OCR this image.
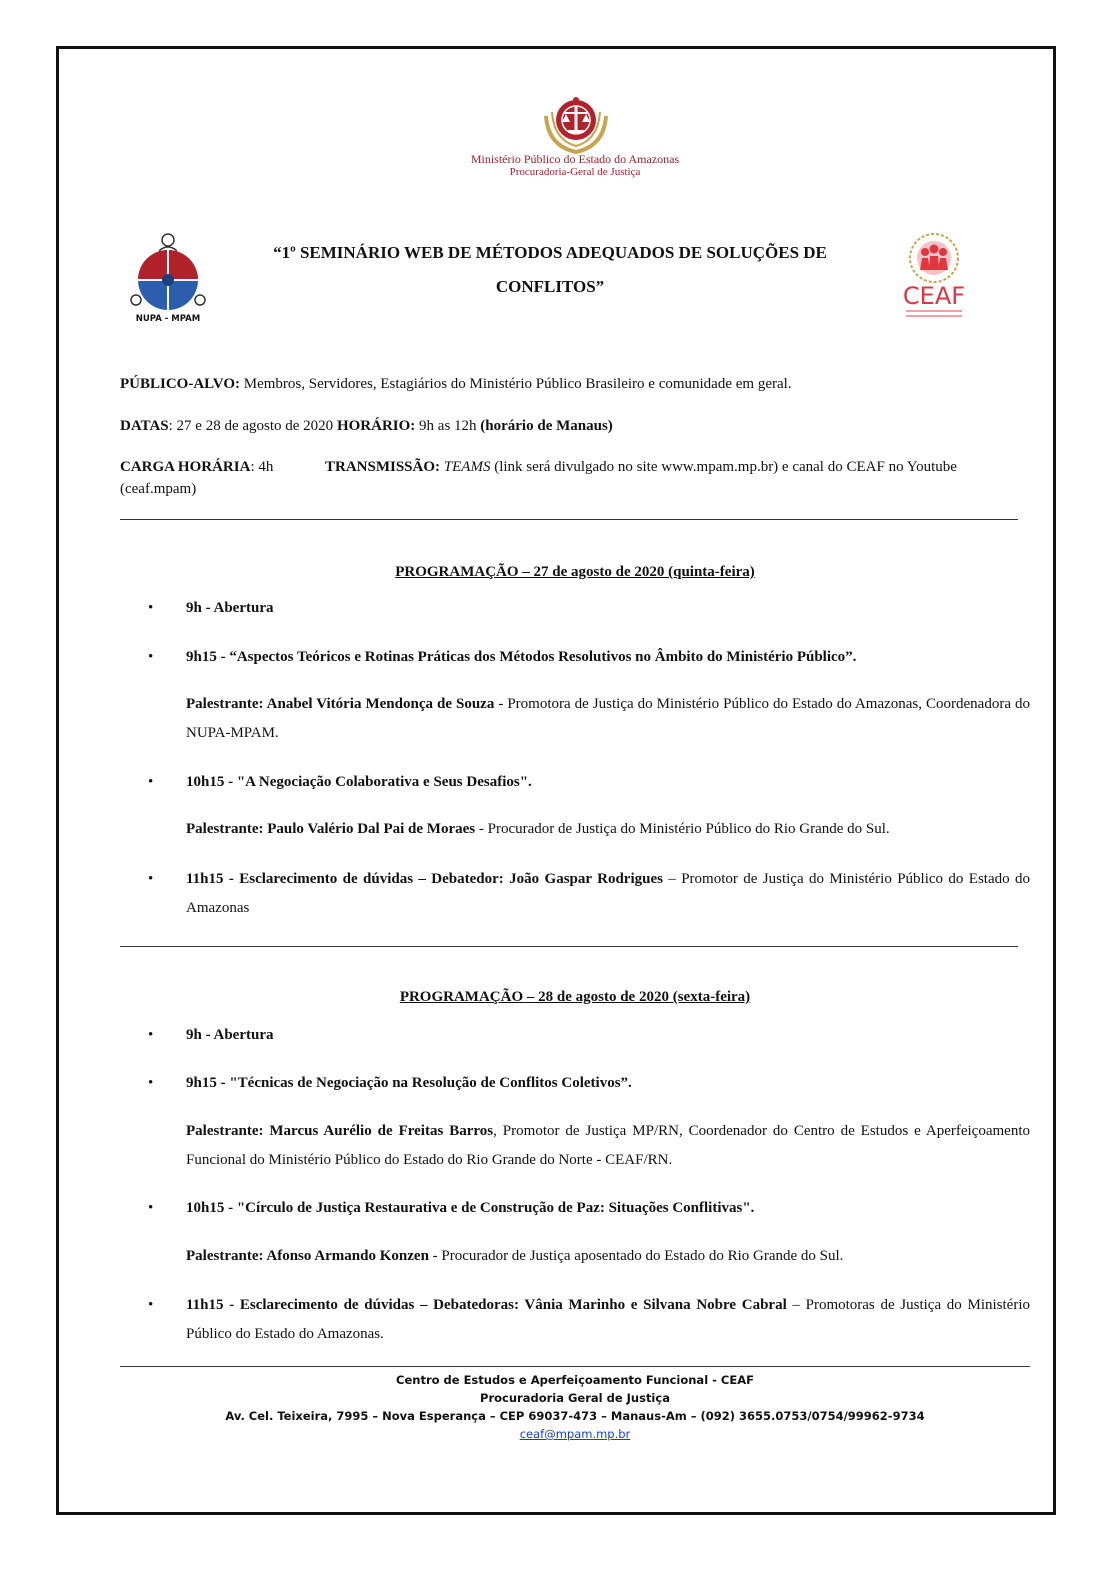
Ministério Público do Estado do Amazonas
Procuradoria-Geral de Justiça
NUPA - MPAM
“1º SEMINÁRIO WEB DE MÉTODOS ADEQUADOS DE SOLUÇÕES DE
CONFLITOS”	CEAF
PÚBLICO-ALVO: Membros, Servidores, Estagiários do Ministério Público Brasileiro e comunidade em geral.
DATAS: 27 e 28 de agosto de 2020 HORÁRIO: 9h as 12h (horário de Manaus)
CARGA HORÁRIA: 4h	TRANSMISSÃO: TEAMS (link será divulgado no site www.mpam.mp.br) e canal do CEAF no Youtube (ceaf.mpam)
PROGRAMAÇÃO – 27 de agosto de 2020 (quinta-feira)
• 9h - Abertura
• 9h15 - “Aspectos Teóricos e Rotinas Práticas dos Métodos Resolutivos no Âmbito do Ministério Público”.
Palestrante: Anabel Vitória Mendonça de Souza - Promotora de Justiça do Ministério Público do Estado do Amazonas, Coordenadora do NUPA-MPAM.
• 10h15 - "A Negociação Colaborativa e Seus Desafios".
Palestrante: Paulo Valério Dal Pai de Moraes - Procurador de Justiça do Ministério Público do Rio Grande do Sul.
• 11h15 - Esclarecimento de dúvidas – Debatedor: João Gaspar Rodrigues – Promotor de Justiça do Ministério Público do Estado do Amazonas
PROGRAMAÇÃO – 28 de agosto de 2020 (sexta-feira)
• 9h - Abertura
• 9h15 - "Técnicas de Negociação na Resolução de Conflitos Coletivos”.
Palestrante: Marcus Aurélio de Freitas Barros, Promotor de Justiça MP/RN, Coordenador do Centro de Estudos e Aperfeiçoamento Funcional do Ministério Público do Estado do Rio Grande do Norte - CEAF/RN.
• 10h15 - "Círculo de Justiça Restaurativa e de Construção de Paz: Situações Conflitivas".
Palestrante: Afonso Armando Konzen - Procurador de Justiça aposentado do Estado do Rio Grande do Sul.
• 11h15 - Esclarecimento de dúvidas – Debatedoras: Vânia Marinho e Silvana Nobre Cabral – Promotoras de Justiça do Ministério Público do Estado do Amazonas.
Centro de Estudos e Aperfeiçoamento Funcional - CEAF
Procuradoria Geral de Justiça
Av. Cel. Teixeira, 7995 – Nova Esperança – CEP 69037-473 – Manaus-Am – (092) 3655.0753/0754/99962-9734
ceaf@mpam.mp.br
